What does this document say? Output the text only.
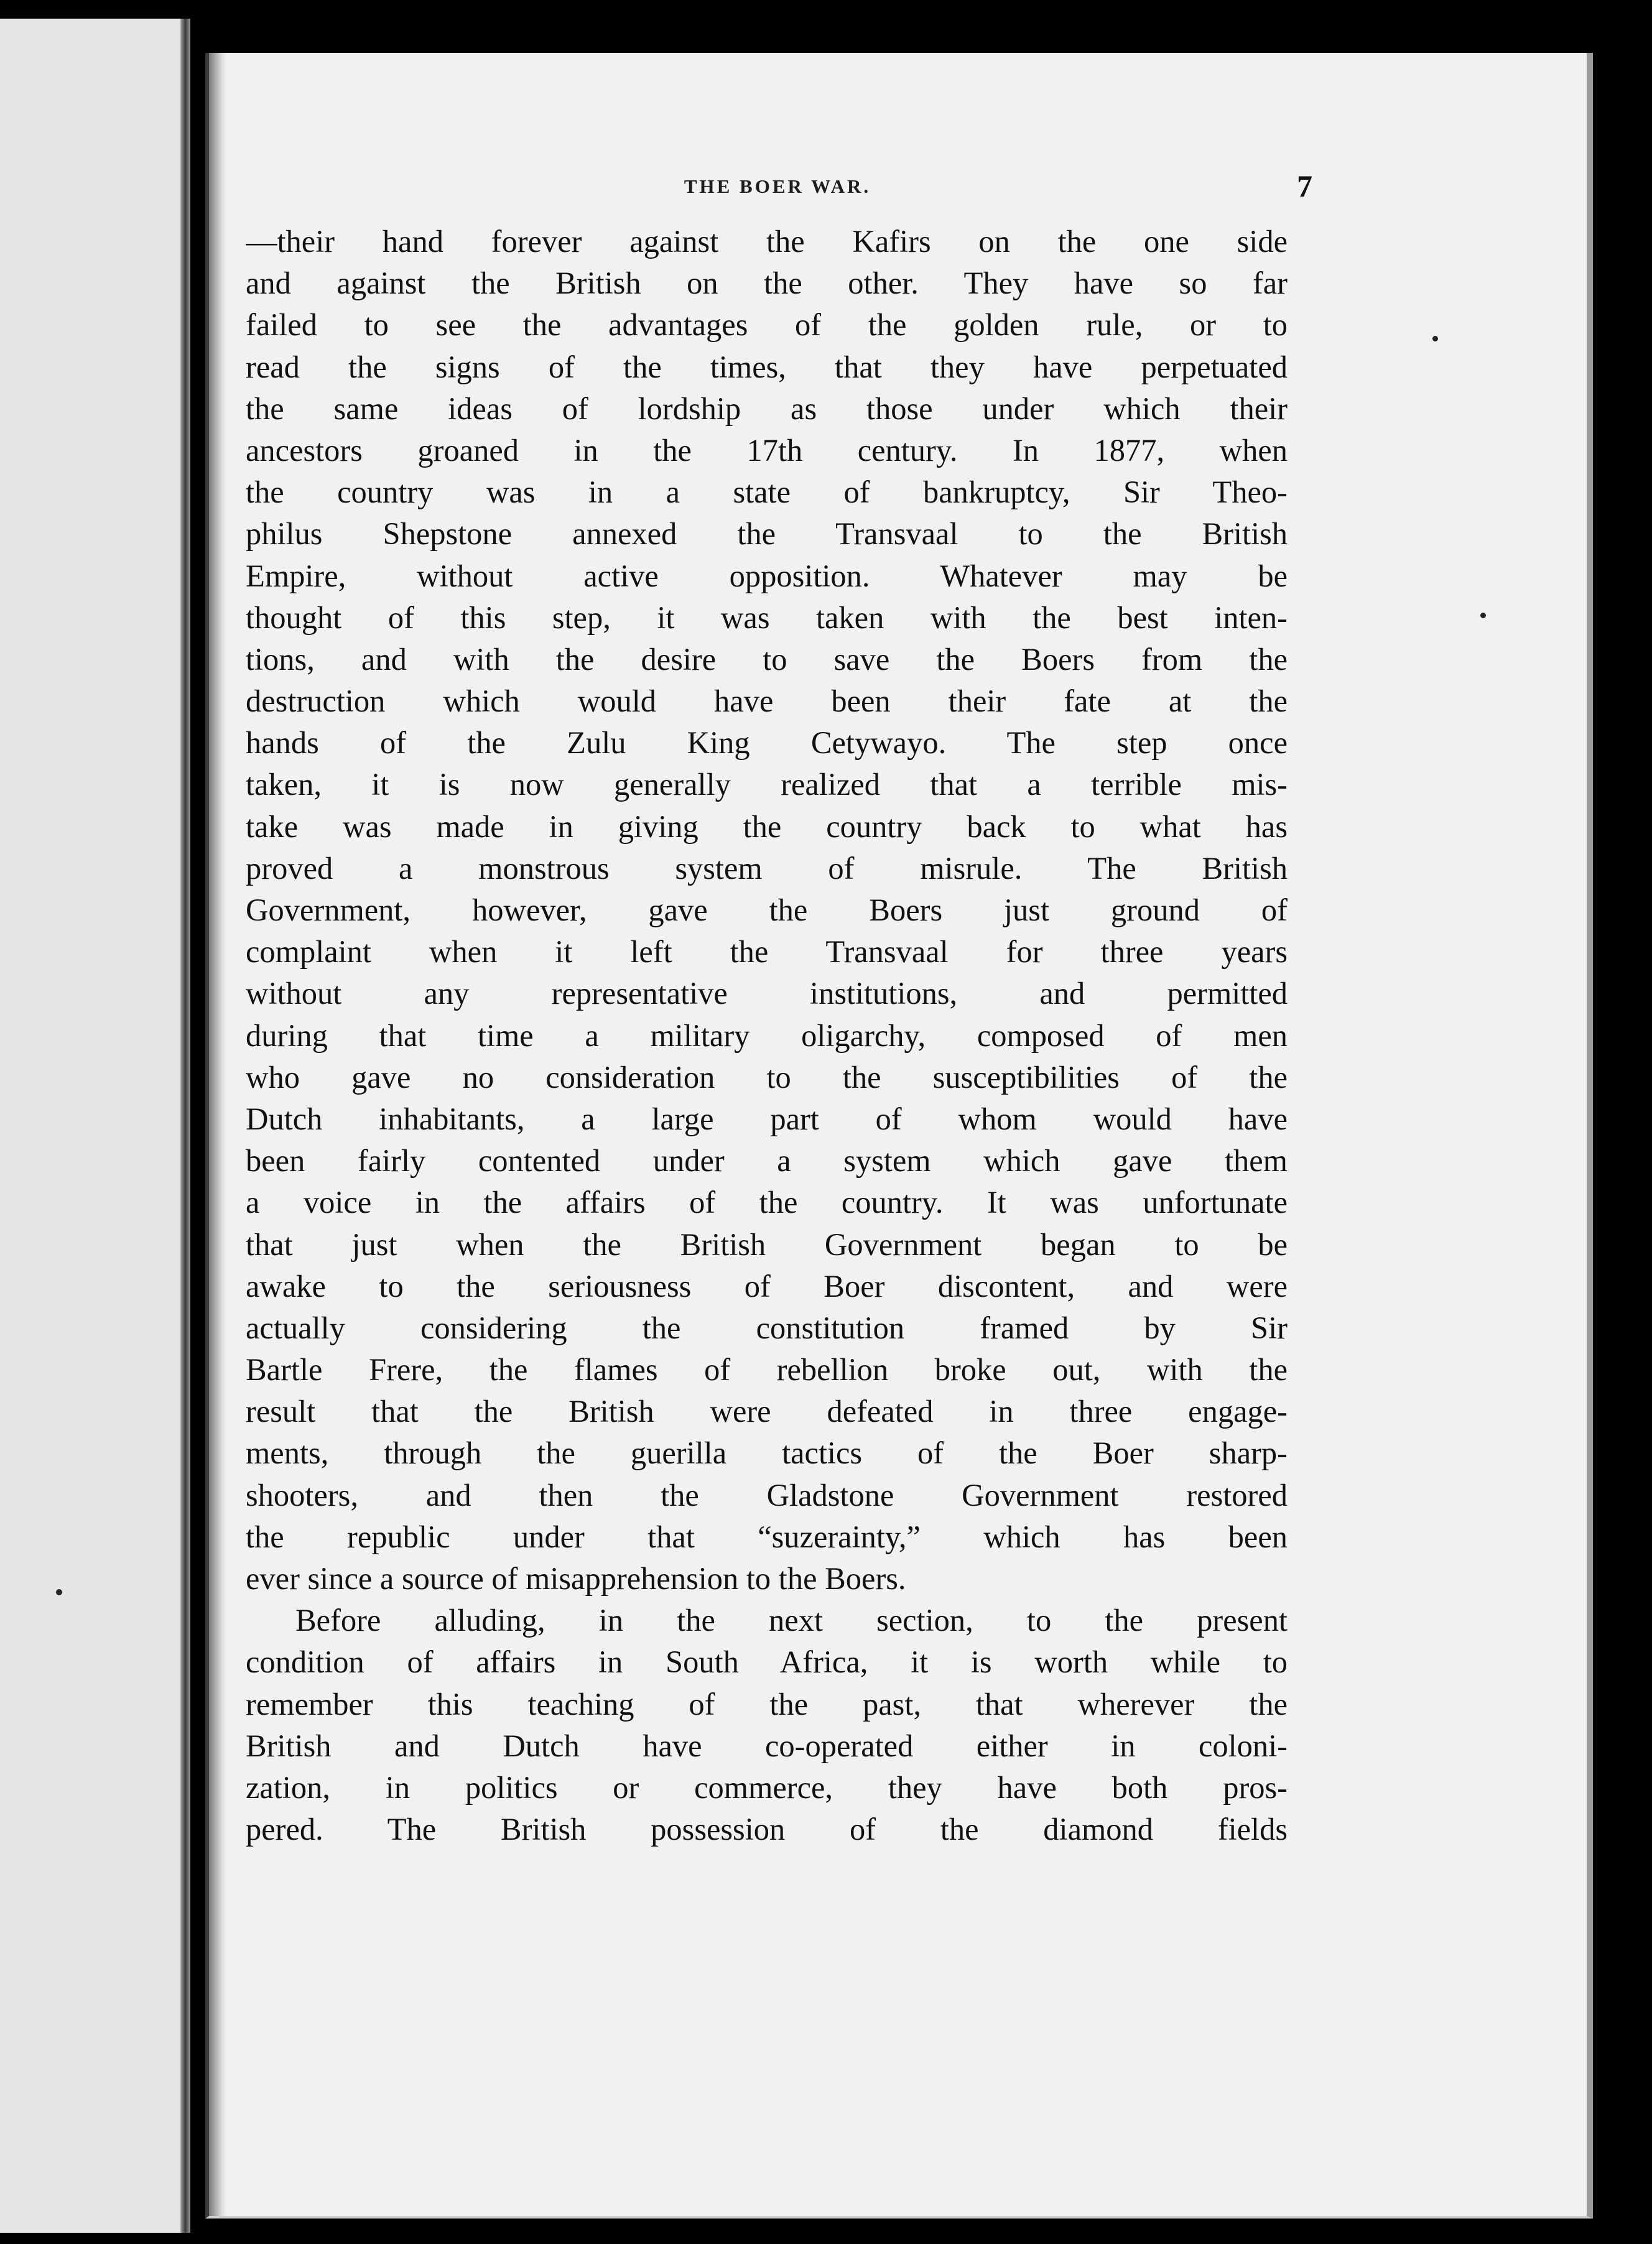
THE BOER WAR.	7
—their hand forever against the Kafirs on the one side
and against the British on the other. They have so far
failed to see the advantages of the golden rule, or to
read the signs of the times, that they have perpetuated
the same ideas of lordship as those under which their
ancestors groaned in the 17th century. In 1877, when
the country was in a state of bankruptcy, Sir Theo-
philus Shepstone annexed the Transvaal to the British
Empire, without active opposition. Whatever may be
thought of this step, it was taken with the best inten-
tions, and with the desire to save the Boers from the
destruction which would have been their fate at the
hands of the Zulu King Cetywayo. The step once
taken, it is now generally realized that a terrible mis-
take was made in giving the country back to what has
proved a monstrous system of misrule. The British
Government, however, gave the Boers just ground of
complaint when it left the Transvaal for three years
without any representative institutions, and permitted
during that time a military oligarchy, composed of men
who gave no consideration to the susceptibilities of the
Dutch inhabitants, a large part of whom would have
been fairly contented under a system which gave them
a voice in the affairs of the country. It was unfortunate
that just when the British Government began to be
awake to the seriousness of Boer discontent, and were
actually considering the constitution framed by Sir
Bartle Frere, the flames of rebellion broke out, with the
result that the British were defeated in three engage-
ments, through the guerilla tactics of the Boer sharp-
shooters, and then the Gladstone Government restored
the republic under that “suzerainty,” which has been
ever since a source of misapprehension to the Boers.
Before alluding, in the next section, to the present
condition of affairs in South Africa, it is worth while to
remember this teaching of the past, that wherever the
British and Dutch have co-operated either in coloni-
zation, in politics or commerce, they have both pros-
pered. The British possession of the diamond fields
